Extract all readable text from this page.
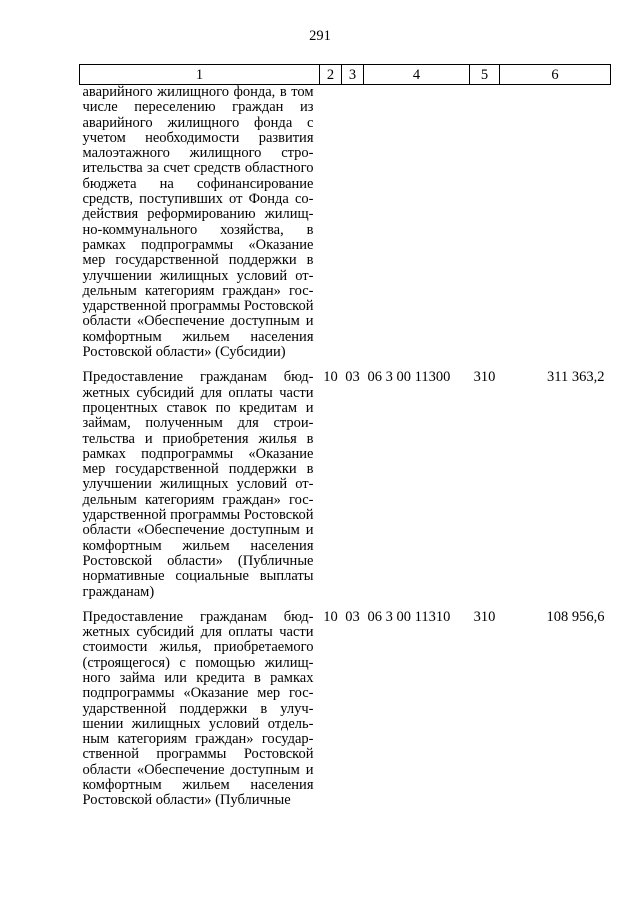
291
1	2	3	4	5	6
аварийного жилищного фонда, в том числе переселению граждан из аварийного жилищного фонда с учетом необходимости развития малоэтажного жилищного строительства за счет средств областного бюджета на софинансирование средств, поступивших от Фонда содействия реформированию жилищно-коммунального хозяйства, в рамках подпрограммы «Оказание мер государственной поддержки в улучшении жилищных условий отдельным категориям граждан» государственной программы Ростовской области «Обеспечение доступным и комфортным жильем населения Ростовской области» (Субсидии)					
Предоставление гражданам бюджетных субсидий для оплаты части процентных ставок по кредитам и займам, полученным для строительства и приобретения жилья в рамках подпрограммы «Оказание мер государственной поддержки в улучшении жилищных условий отдельным категориям граждан» государственной программы Ростовской области «Обеспечение доступным и комфортным жильем населения Ростовской области» (Публичные нормативные социальные выплаты гражданам)	10	03	06 3 00 11300	310	311 363,2
Предоставление гражданам бюджетных субсидий для оплаты части стоимости жилья, приобретаемого (строящегося) с помощью жилищного займа или кредита в рамках подпрограммы «Оказание мер государственной поддержки в улучшении жилищных условий отдельным категориям граждан» государственной программы Ростовской области «Обеспечение доступным и комфортным жильем населения Ростовской области» (Публичные	10	03	06 3 00 11310	310	108 956,6
